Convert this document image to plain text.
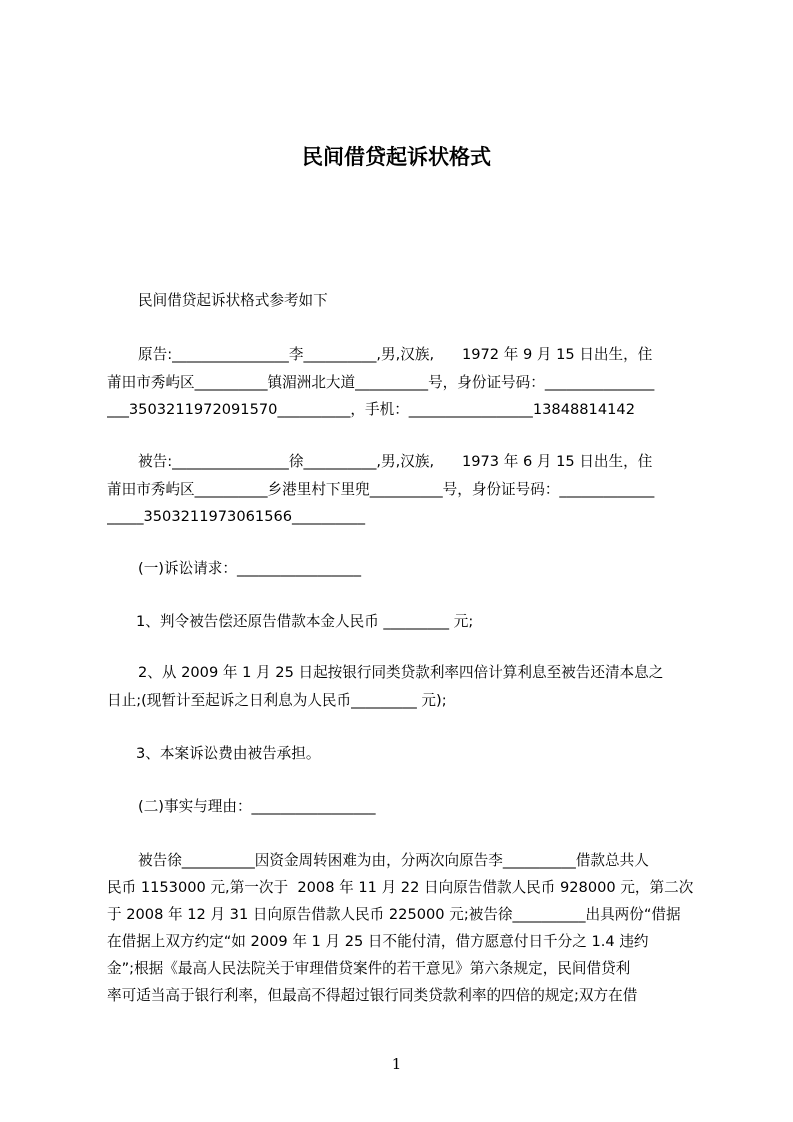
民间借贷起诉状格式
民间借贷起诉状格式参考如下
原告:________________李__________,男,汉族,      1972 年 9 月 15 日出生，住
莆田市秀屿区__________镇湄洲北大道__________号，身份证号码：_______________
___3503211972091570__________，手机：_________________13848814142
被告:________________徐__________,男,汉族,      1973 年 6 月 15 日出生，住
莆田市秀屿区__________乡港里村下里兜__________号，身份证号码：_____________
_____3503211973061566__________
(一)诉讼请求：_________________
1、判令被告偿还原告借款本金人民币 _________ 元;
2、从 2009 年 1 月 25 日起按银行同类贷款利率四倍计算利息至被告还清本息之
日止;(现暂计至起诉之日利息为人民币_________ 元);
3、本案诉讼费由被告承担。
(二)事实与理由：_________________
被告徐__________因资金周转困难为由，分两次向原告李__________借款总共人
民币 1153000 元,第一次于  2008 年 11 月 22 日向原告借款人民币 928000 元，第二次
于 2008 年 12 月 31 日向原告借款人民币 225000 元;被告徐__________出具两份“借据
在借据上双方约定“如 2009 年 1 月 25 日不能付清，借方愿意付日千分之 1.4 违约
金”;根据《最高人民法院关于审理借贷案件的若干意见》第六条规定，民间借贷利
率可适当高于银行利率，但最高不得超过银行同类贷款利率的四倍的规定;双方在借
1
